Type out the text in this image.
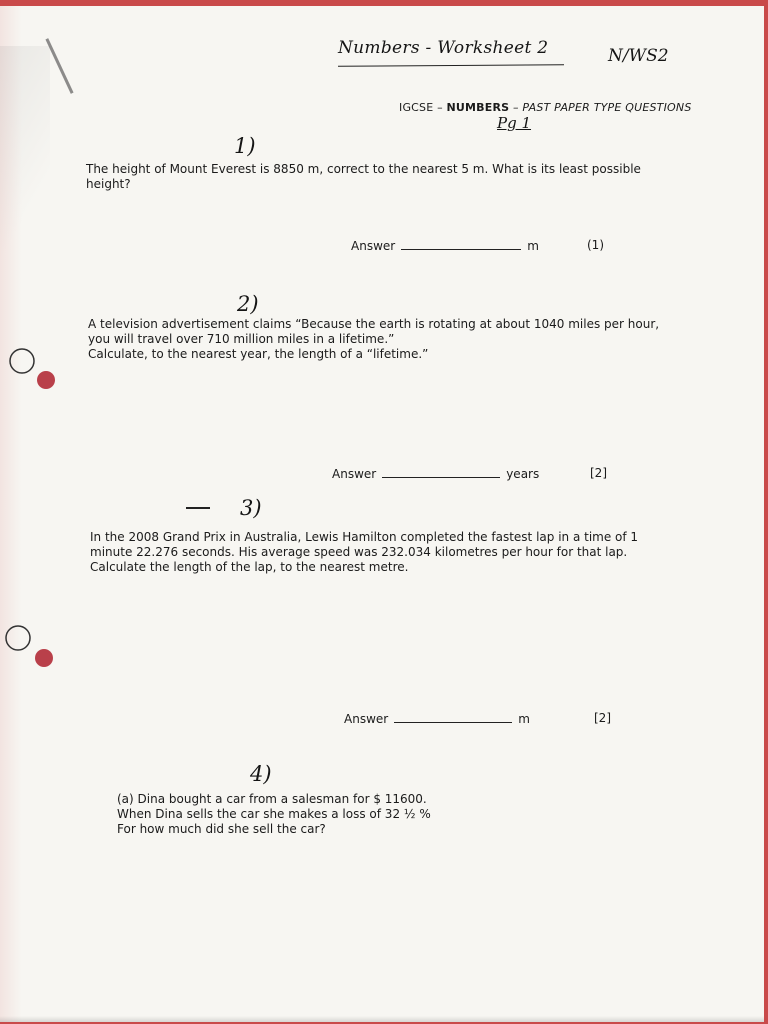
Numbers - Worksheet 2	N/WS2
IGCSE – NUMBERS – PAST PAPER TYPE QUESTIONS
Pg 1
1)
The height of Mount Everest is 8850 m, correct to the nearest 5 m. What is its least possible
height?
Answer	m	(1)
2)
A television advertisement claims “Because the earth is rotating at about 1040 miles per hour,
you will travel over 710 million miles in a lifetime.”
Calculate, to the nearest year, the length of a “lifetime.”
Answer	years	[2]
3)
In the 2008 Grand Prix in Australia, Lewis Hamilton completed the fastest lap in a time of 1
minute 22.276 seconds. His average speed was 232.034 kilometres per hour for that lap.
Calculate the length of the lap, to the nearest metre.
Answer	m	[2]
4)
(a) Dina bought a car from a salesman for $ 11600.
When Dina sells the car she makes a loss of 32 ½ %
For how much did she sell the car?
